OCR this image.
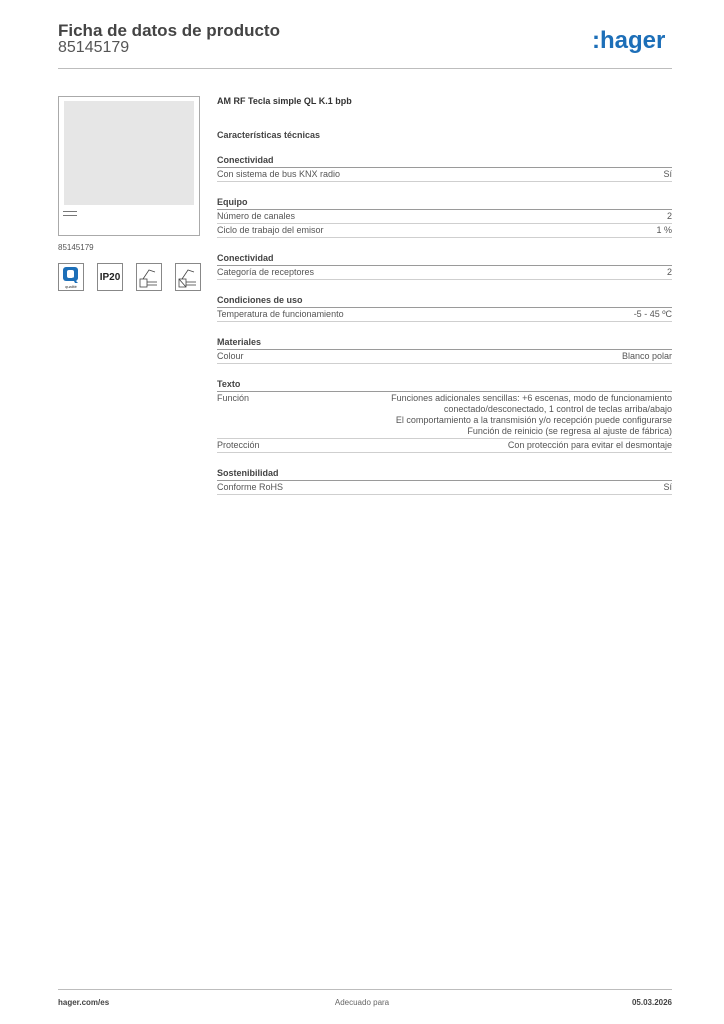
Ficha de datos de producto
85145179	:hager
85145179
qualité
IP20
AM RF Tecla simple QL K.1 bpb
Características técnicas
Conectividad
Con sistema de bus KNX radio	Sí
Equipo
Número de canales	2
Ciclo de trabajo del emisor	1 %
Conectividad
Categoría de receptores	2
Condiciones de uso
Temperatura de funcionamiento	-5 - 45 ºC
Materiales
Colour	Blanco polar
Texto
Función	Funciones adicionales sencillas: +6 escenas, modo de funcionamiento
conectado/desconectado, 1 control de teclas arriba/abajo
El comportamiento a la transmisión y/o recepción puede configurarse
Función de reinicio (se regresa al ajuste de fábrica)
Protección	Con protección para evitar el desmontaje
Sostenibilidad
Conforme RoHS	Sí
hager.com/es	Adecuado para	05.03.2026
